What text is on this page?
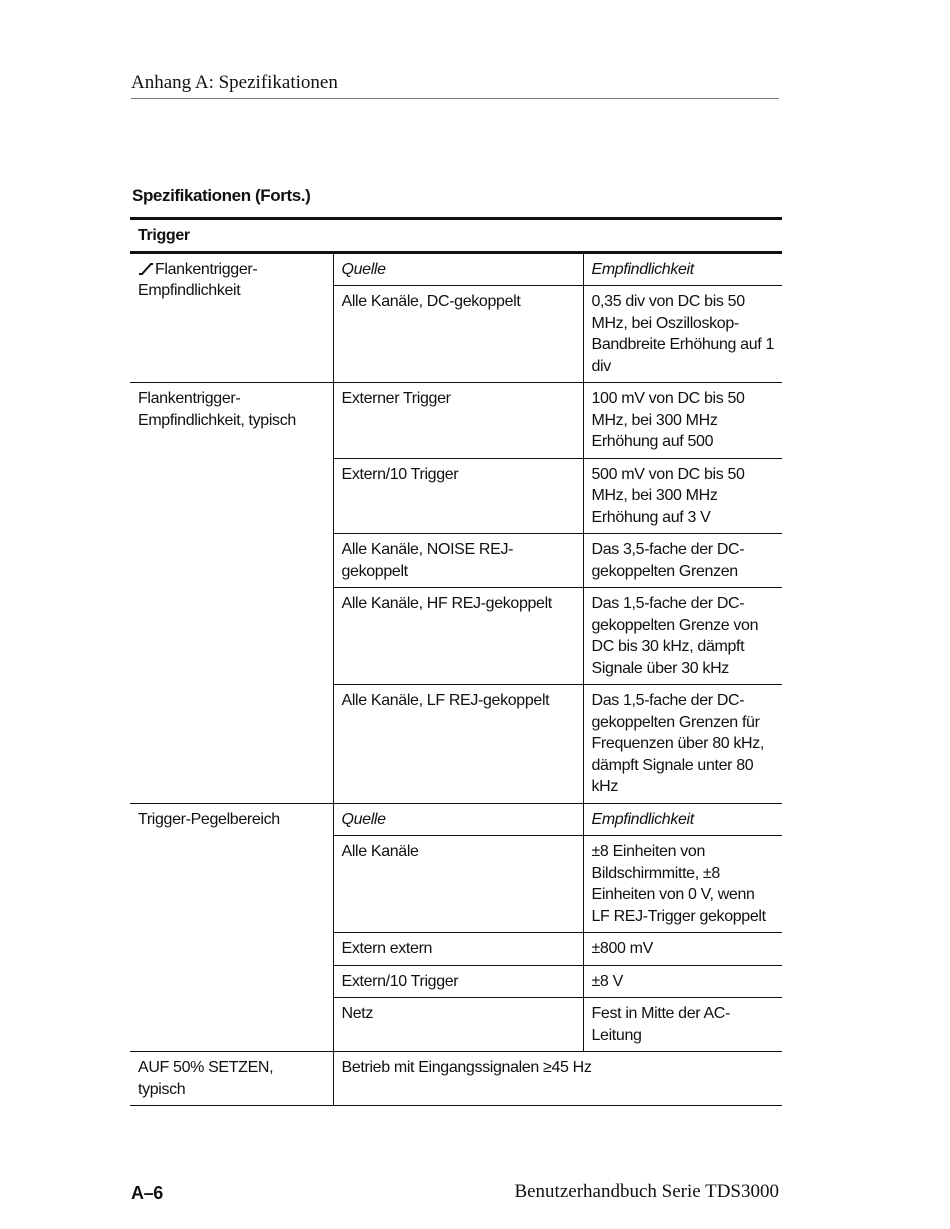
Anhang A: Spezifikationen
Spezifikationen (Forts.)
Trigger		
Flankentrigger-Empfindlichkeit	Quelle	Empfindlichkeit
	Alle Kanäle, DC-gekoppelt	0,35 div von DC bis 50 MHz, bei Oszilloskop-Bandbreite Erhöhung auf 1 div
Flankentrigger-Empfindlichkeit, typisch	Externer Trigger	100 mV von DC bis 50 MHz, bei 300 MHz Erhöhung auf 500
	Extern/10 Trigger	500 mV von DC bis 50 MHz, bei 300 MHz Erhöhung auf 3 V
	Alle Kanäle, NOISE REJ-gekoppelt	Das 3,5-fache der DC-gekoppelten Grenzen
	Alle Kanäle, HF REJ-gekoppelt	Das 1,5-fache der DC-gekoppelten Grenze von DC bis 30 kHz, dämpft Signale über 30 kHz
	Alle Kanäle, LF REJ-gekoppelt	Das 1,5-fache der DC-gekoppelten Grenzen für Frequenzen über 80 kHz, dämpft Signale unter 80 kHz
Trigger-Pegelbereich	Quelle	Empfindlichkeit
	Alle Kanäle	±8 Einheiten von Bildschirmmitte, ±8 Einheiten von 0 V, wenn LF REJ-Trigger gekoppelt
	Extern extern	±800 mV
	Extern/10 Trigger	±8 V
	Netz	Fest in Mitte der AC-Leitung
AUF 50% SETZEN, typisch	Betrieb mit Eingangssignalen ≥45 Hz	
A–6	Benutzerhandbuch Serie TDS3000
